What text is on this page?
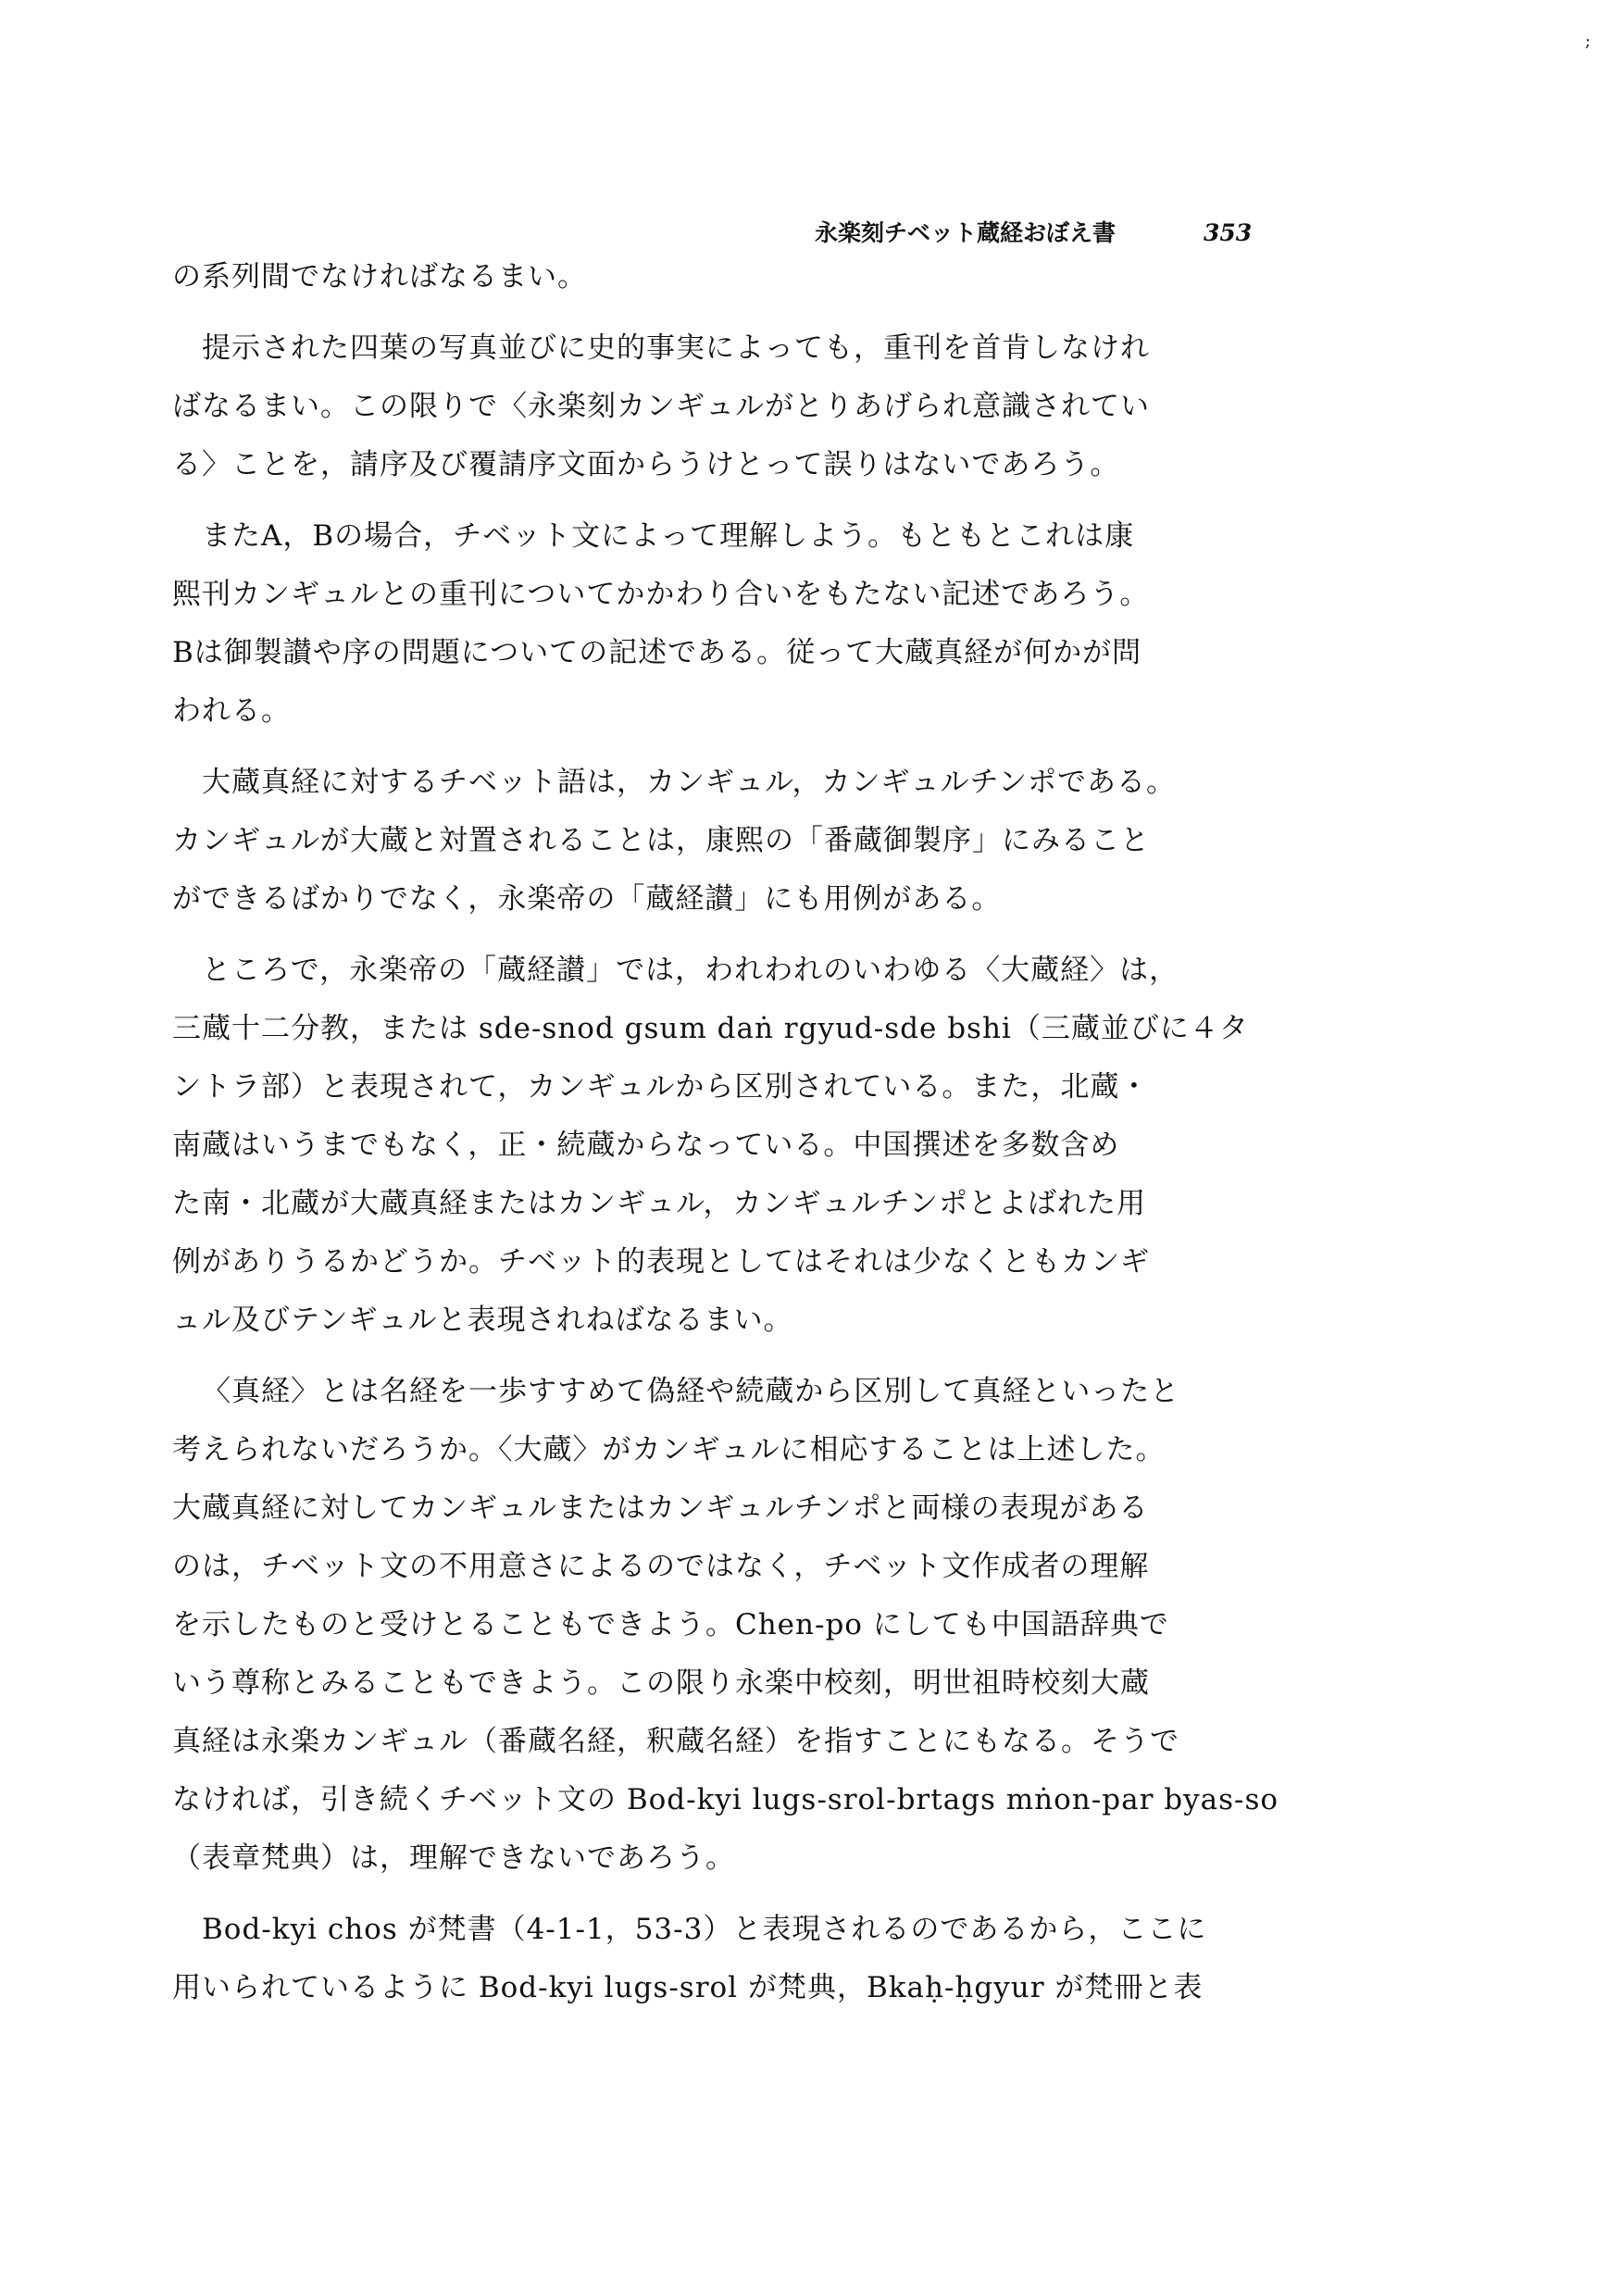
;
永楽刻チベット蔵経おぼえ書	353
の系列間でなければなるまい。
提示された四葉の写真並びに史的事実によっても，重刊を首肯しなけれ
ばなるまい。この限りで〈永楽刻カンギュルがとりあげられ意識されてい
る〉ことを，請序及び覆請序文面からうけとって誤りはないであろう。
またA，Bの場合，チベット文によって理解しよう。もともとこれは康
熙刊カンギュルとの重刊についてかかわり合いをもたない記述であろう。
Bは御製讃や序の問題についての記述である。従って大蔵真経が何かが問
われる。
大蔵真経に対するチベット語は，カンギュル，カンギュルチンポである。
カンギュルが大蔵と対置されることは，康熙の「番蔵御製序」にみること
ができるばかりでなく，永楽帝の「蔵経讃」にも用例がある。
ところで，永楽帝の「蔵経讃」では，われわれのいわゆる〈大蔵経〉は，
三蔵十二分教，または sde-snod gsum daṅ rgyud-sde bshi（三蔵並びに４タ
ントラ部）と表現されて，カンギュルから区別されている。また，北蔵・
南蔵はいうまでもなく，正・続蔵からなっている。中国撰述を多数含め
た南・北蔵が大蔵真経またはカンギュル，カンギュルチンポとよばれた用
例がありうるかどうか。チベット的表現としてはそれは少なくともカンギ
ュル及びテンギュルと表現されねばなるまい。
〈真経〉とは名経を一歩すすめて偽経や続蔵から区別して真経といったと
考えられないだろうか。〈大蔵〉がカンギュルに相応することは上述した。
大蔵真経に対してカンギュルまたはカンギュルチンポと両様の表現がある
のは，チベット文の不用意さによるのではなく，チベット文作成者の理解
を示したものと受けとることもできよう。Chen-po にしても中国語辞典で
いう尊称とみることもできよう。この限り永楽中校刻，明世祖時校刻大蔵
真経は永楽カンギュル（番蔵名経，釈蔵名経）を指すことにもなる。そうで
なければ，引き続くチベット文の Bod-kyi lugs-srol-brtags mṅon-par byas-so
（表章梵典）は，理解できないであろう。
Bod-kyi chos が梵書（4-1-1，53-3）と表現されるのであるから，ここに
用いられているように Bod-kyi lugs-srol が梵典，Bkaḥ-ḥgyur が梵冊と表
